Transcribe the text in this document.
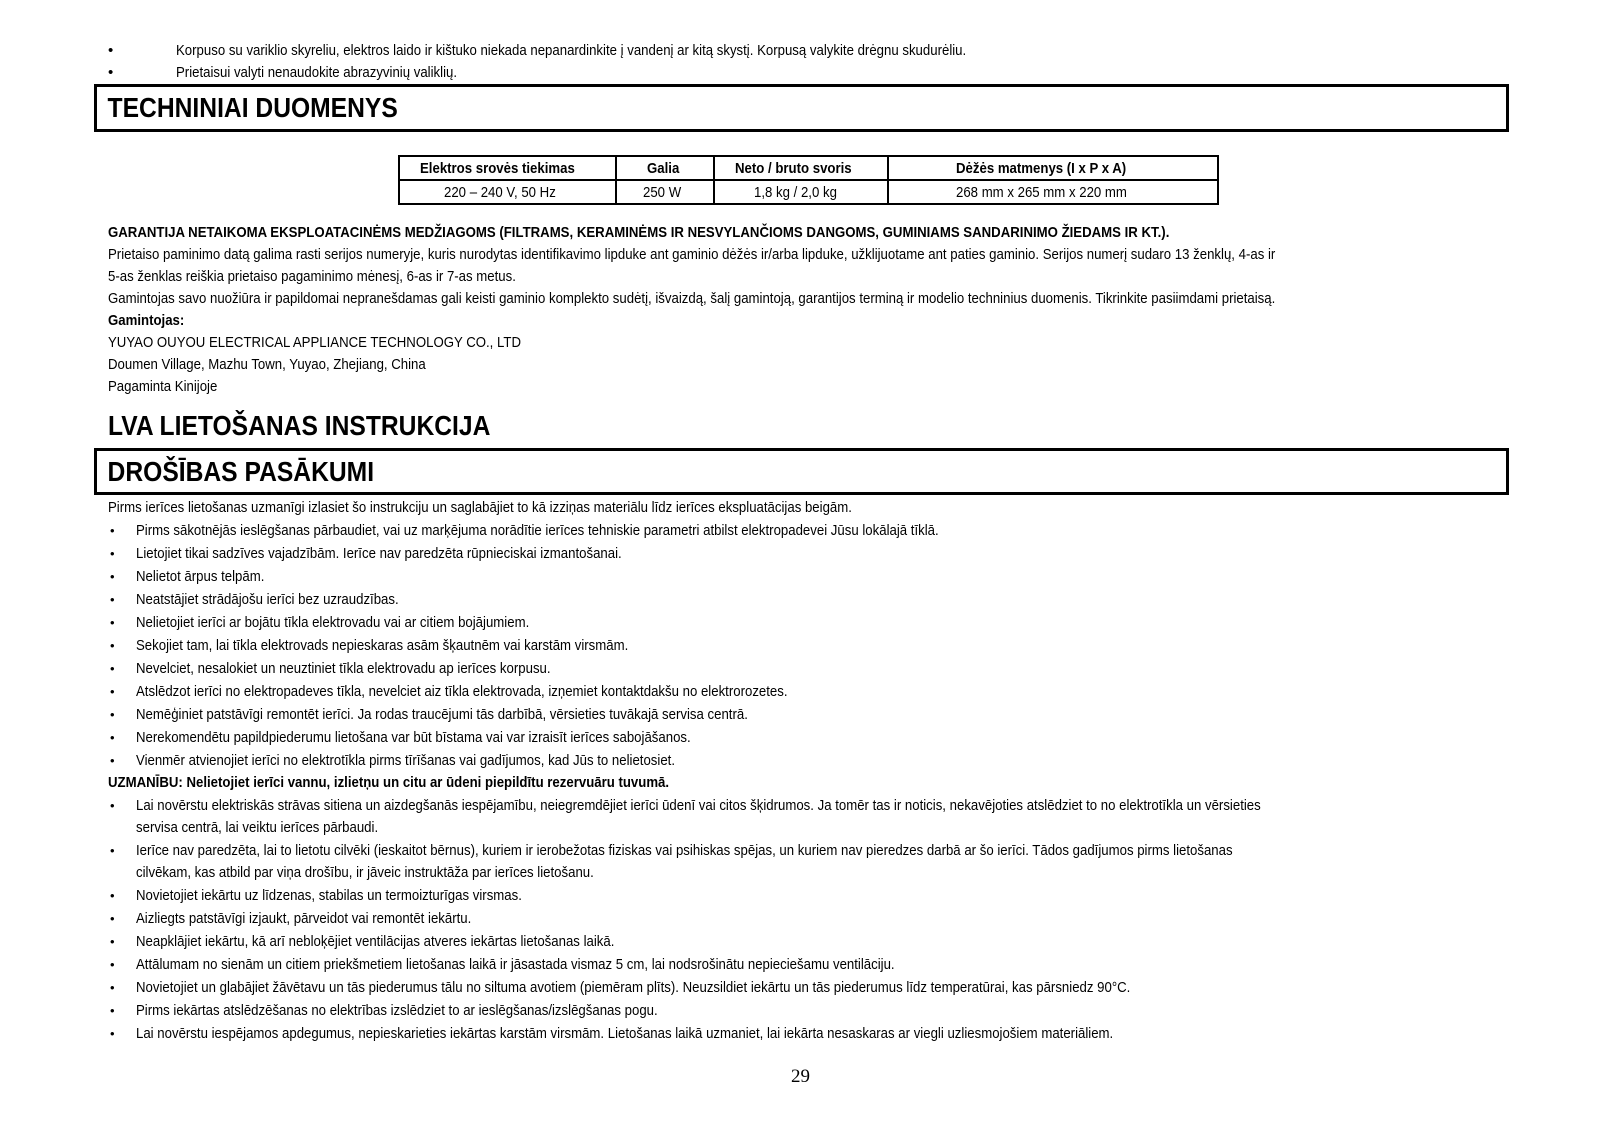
•	Korpuso su variklio skyreliu, elektros laido ir kištuko niekada nepanardinkite į vandenį ar kitą skystį. Korpusą valykite drėgnu skudurėliu.
•	Prietaisui valyti nenaudokite abrazyvinių valiklių.
TECHNINIAI DUOMENYS
Elektros srovės tiekimas	Galia	Neto / bruto svoris	Dėžės matmenys (I x P x A)
220 – 240 V, 50 Hz	250 W	1,8 kg / 2,0 kg	268 mm x 265 mm x 220 mm
GARANTIJA NETAIKOMA EKSPLOATACINĖMS MEDŽIAGOMS (FILTRAMS, KERAMINĖMS IR NESVYLANČIOMS DANGOMS, GUMINIAMS SANDARINIMO ŽIEDAMS IR KT.).
Prietaiso paminimo datą galima rasti serijos numeryje, kuris nurodytas identifikavimo lipduke ant gaminio dėžės ir/arba lipduke, užklijuotame ant paties gaminio. Serijos numerį sudaro 13 ženklų, 4-as ir
5-as ženklas reiškia prietaiso pagaminimo mėnesį, 6-as ir 7-as metus.
Gamintojas savo nuožiūra ir papildomai nepranešdamas gali keisti gaminio komplekto sudėtį, išvaizdą, šalį gamintoją, garantijos terminą ir modelio techninius duomenis. Tikrinkite pasiimdami prietaisą.
Gamintojas:
YUYAO OUYOU ELECTRICAL APPLIANCE TECHNOLOGY CO., LTD
Doumen Village, Mazhu Town, Yuyao, Zhejiang, China
Pagaminta Kinijoje
LVA LIETOŠANAS INSTRUKCIJA
DROŠĪBAS PASĀKUMI
Pirms ierīces lietošanas uzmanīgi izlasiet šo instrukciju un saglabājiet to kā izziņas materiālu līdz ierīces ekspluatācijas beigām.
• Pirms sākotnējās ieslēgšanas pārbaudiet, vai uz marķējuma norādītie ierīces tehniskie parametri atbilst elektropadevei Jūsu lokālajā tīklā.
• Lietojiet tikai sadzīves vajadzībām. Ierīce nav paredzēta rūpnieciskai izmantošanai.
• Nelietot ārpus telpām.
• Neatstājiet strādājošu ierīci bez uzraudzības.
• Nelietojiet ierīci ar bojātu tīkla elektrovadu vai ar citiem bojājumiem.
• Sekojiet tam, lai tīkla elektrovads nepieskaras asām šķautnēm vai karstām virsmām.
• Nevelciet, nesalokiet un neuztiniet tīkla elektrovadu ap ierīces korpusu.
• Atslēdzot ierīci no elektropadeves tīkla, nevelciet aiz tīkla elektrovada, izņemiet kontaktdakšu no elektrorozetes.
• Nemēģiniet patstāvīgi remontēt ierīci. Ja rodas traucējumi tās darbībā, vērsieties tuvākajā servisa centrā.
• Nerekomendētu papildpiederumu lietošana var būt bīstama vai var izraisīt ierīces sabojāšanos.
• Vienmēr atvienojiet ierīci no elektrotīkla pirms tīrīšanas vai gadījumos, kad Jūs to nelietosiet.
UZMANĪBU: Nelietojiet ierīci vannu, izlietņu un citu ar ūdeni piepildītu rezervuāru tuvumā.
• Lai novērstu elektriskās strāvas sitiena un aizdegšanās iespējamību, neiegremdējiet ierīci ūdenī vai citos šķidrumos. Ja tomēr tas ir noticis, nekavējoties atslēdziet to no elektrotīkla un vērsieties
servisa centrā, lai veiktu ierīces pārbaudi.
• Ierīce nav paredzēta, lai to lietotu cilvēki (ieskaitot bērnus), kuriem ir ierobežotas fiziskas vai psihiskas spējas, un kuriem nav pieredzes darbā ar šo ierīci. Tādos gadījumos pirms lietošanas
cilvēkam, kas atbild par viņa drošību, ir jāveic instruktāža par ierīces lietošanu.
• Novietojiet iekārtu uz līdzenas, stabilas un termoizturīgas virsmas.
• Aizliegts patstāvīgi izjaukt, pārveidot vai remontēt iekārtu.
• Neapklājiet iekārtu, kā arī nebloķējiet ventilācijas atveres iekārtas lietošanas laikā.
• Attālumam no sienām un citiem priekšmetiem lietošanas laikā ir jāsastada vismaz 5 cm, lai nodsrošinātu nepieciešamu ventilāciju.
• Novietojiet un glabājiet žāvētavu un tās piederumus tālu no siltuma avotiem (piemēram plīts). Neuzsildiet iekārtu un tās piederumus līdz temperatūrai, kas pārsniedz 90°C.
• Pirms iekārtas atslēdzēšanas no elektrības izslēdziet to ar ieslēgšanas/izslēgšanas pogu.
• Lai novērstu iespējamos apdegumus, nepieskarieties iekārtas karstām virsmām. Lietošanas laikā uzmaniet, lai iekārta nesaskaras ar viegli uzliesmojošiem materiāliem.
29
